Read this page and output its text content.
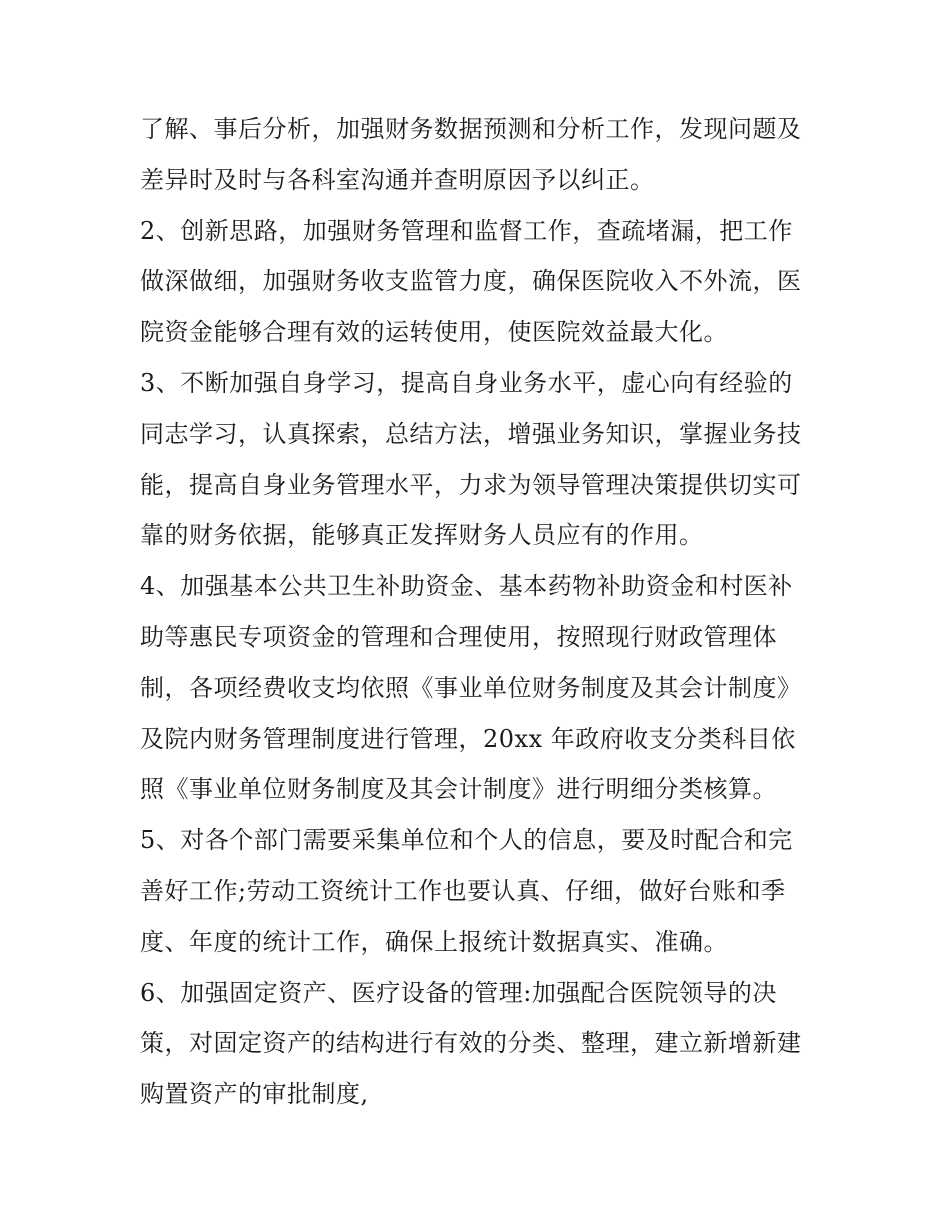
了解、事后分析，加强财务数据预测和分析工作，发现问题及
差异时及时与各科室沟通并查明原因予以纠正。
2、创新思路，加强财务管理和监督工作，查疏堵漏，把工作
做深做细，加强财务收支监管力度，确保医院收入不外流，医
院资金能够合理有效的运转使用，使医院效益最大化。
3、不断加强自身学习，提高自身业务水平，虚心向有经验的
同志学习，认真探索，总结方法，增强业务知识，掌握业务技
能，提高自身业务管理水平，力求为领导管理决策提供切实可
靠的财务依据，能够真正发挥财务人员应有的作用。
4、加强基本公共卫生补助资金、基本药物补助资金和村医补
助等惠民专项资金的管理和合理使用，按照现行财政管理体
制，各项经费收支均依照《事业单位财务制度及其会计制度》
及院内财务管理制度进行管理，20xx 年政府收支分类科目依
照《事业单位财务制度及其会计制度》进行明细分类核算。
5、对各个部门需要采集单位和个人的信息，要及时配合和完
善好工作;劳动工资统计工作也要认真、仔细，做好台账和季
度、年度的统计工作，确保上报统计数据真实、准确。
6、加强固定资产、医疗设备的管理:加强配合医院领导的决
策，对固定资产的结构进行有效的分类、整理，建立新增新建
购置资产的审批制度,
